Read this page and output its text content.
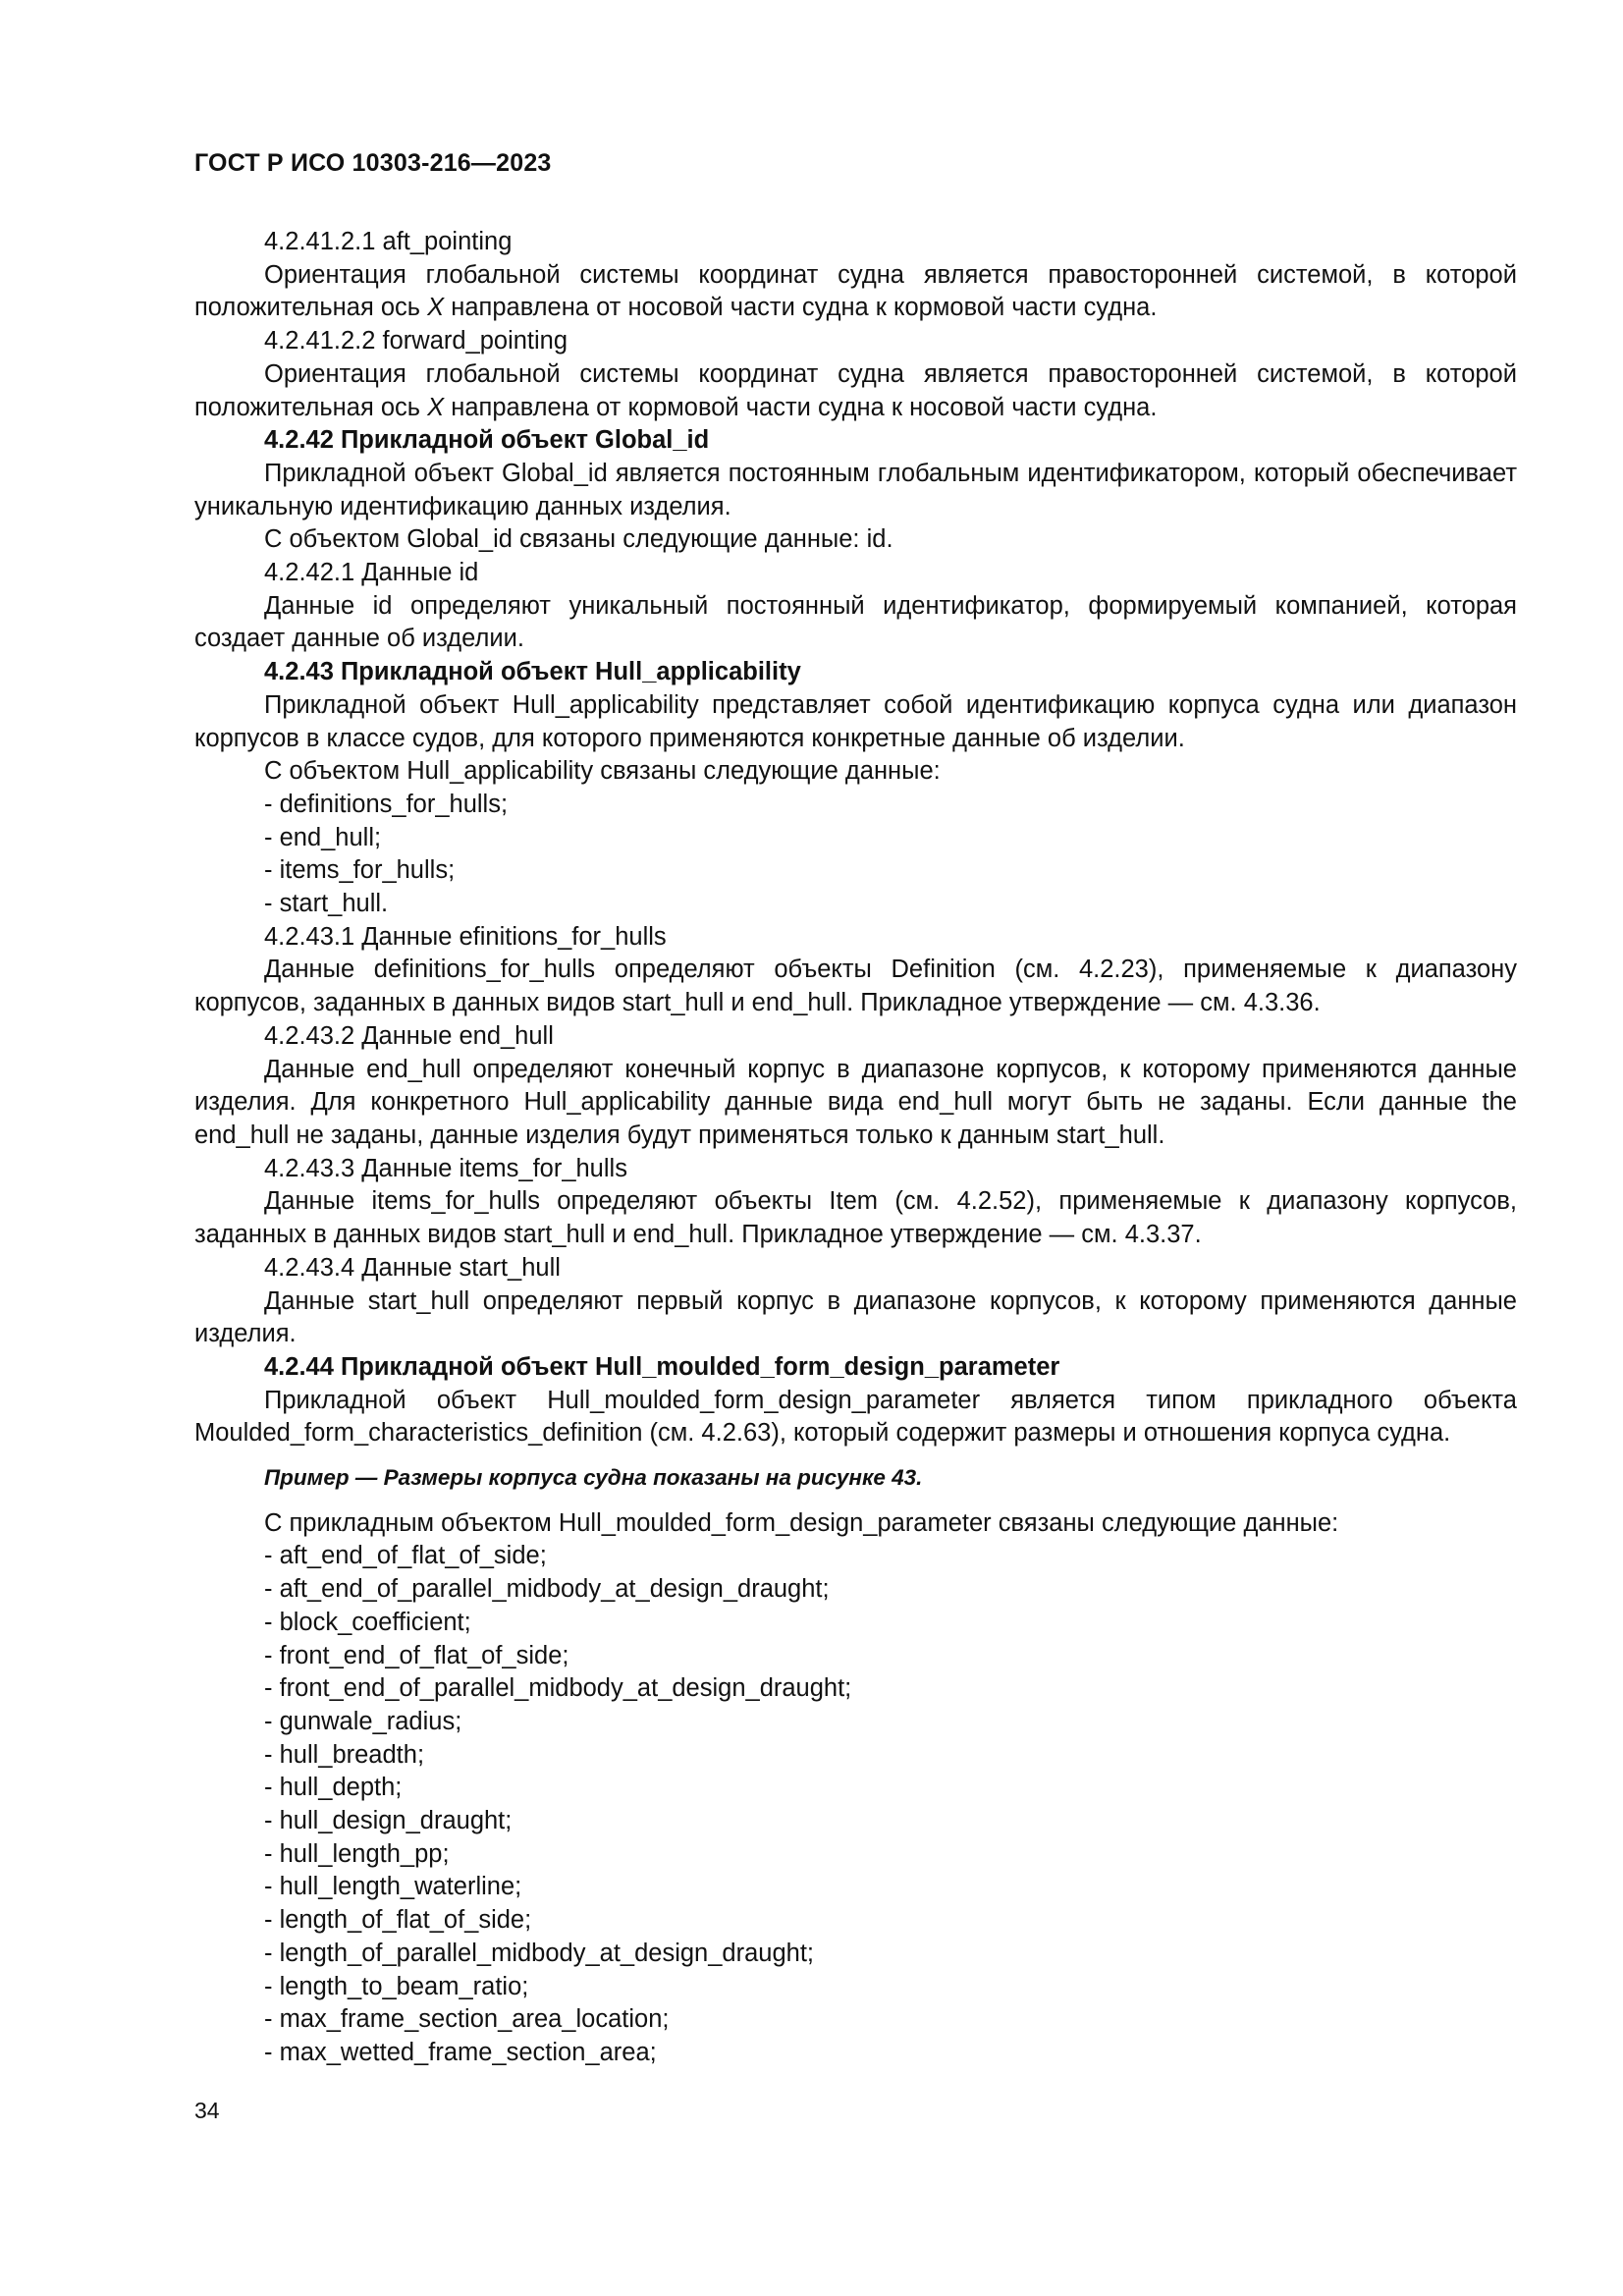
ГОСТ Р ИСО 10303-216—2023

4.2.41.2.1 aft_pointing

Ориентация глобальной системы координат судна является правосторонней системой, в которой положительная ось X направлена от носовой части судна к кормовой части судна.

4.2.41.2.2 forward_pointing

Ориентация глобальной системы координат судна является правосторонней системой, в которой положительная ось X направлена от кормовой части судна к носовой части судна.

4.2.42 Прикладной объект Global_id

Прикладной объект Global_id является постоянным глобальным идентификатором, который обеспечивает уникальную идентификацию данных изделия.

С объектом Global_id связаны следующие данные: id.

4.2.42.1 Данные id

Данные id определяют уникальный постоянный идентификатор, формируемый компанией, которая создает данные об изделии.

4.2.43 Прикладной объект Hull_applicability

Прикладной объект Hull_applicability представляет собой идентификацию корпуса судна или диапазон корпусов в классе судов, для которого применяются конкретные данные об изделии.

С объектом Hull_applicability связаны следующие данные:

- definitions_for_hulls;

- end_hull;

- items_for_hulls;

- start_hull.

4.2.43.1 Данные efinitions_for_hulls

Данные definitions_for_hulls определяют объекты Definition (см. 4.2.23), применяемые к диапазону корпусов, заданных в данных видов start_hull и end_hull. Прикладное утверждение — см. 4.3.36.

4.2.43.2 Данные end_hull

Данные end_hull определяют конечный корпус в диапазоне корпусов, к которому применяются данные изделия. Для конкретного Hull_applicability данные вида end_hull могут быть не заданы. Если данные the end_hull не заданы, данные изделия будут применяться только к данным start_hull.

4.2.43.3 Данные items_for_hulls

Данные items_for_hulls определяют объекты Item (см. 4.2.52), применяемые к диапазону корпусов, заданных в данных видов start_hull и end_hull. Прикладное утверждение — см. 4.3.37.

4.2.43.4 Данные start_hull

Данные start_hull определяют первый корпус в диапазоне корпусов, к которому применяются данные изделия.

4.2.44 Прикладной объект Hull_moulded_form_design_parameter

Прикладной объект Hull_moulded_form_design_parameter является типом прикладного объекта Moulded_form_characteristics_definition (см. 4.2.63), который содержит размеры и отношения корпуса судна.

Пример — Размеры корпуса судна показаны на рисунке 43.

С прикладным объектом Hull_moulded_form_design_parameter связаны следующие данные:

- aft_end_of_flat_of_side;

- aft_end_of_parallel_midbody_at_design_draught;

- block_coefficient;

- front_end_of_flat_of_side;

- front_end_of_parallel_midbody_at_design_draught;

- gunwale_radius;

- hull_breadth;

- hull_depth;

- hull_design_draught;

- hull_length_pp;

- hull_length_waterline;

- length_of_flat_of_side;

- length_of_parallel_midbody_at_design_draught;

- length_to_beam_ratio;

- max_frame_section_area_location;

- max_wetted_frame_section_area;

34
